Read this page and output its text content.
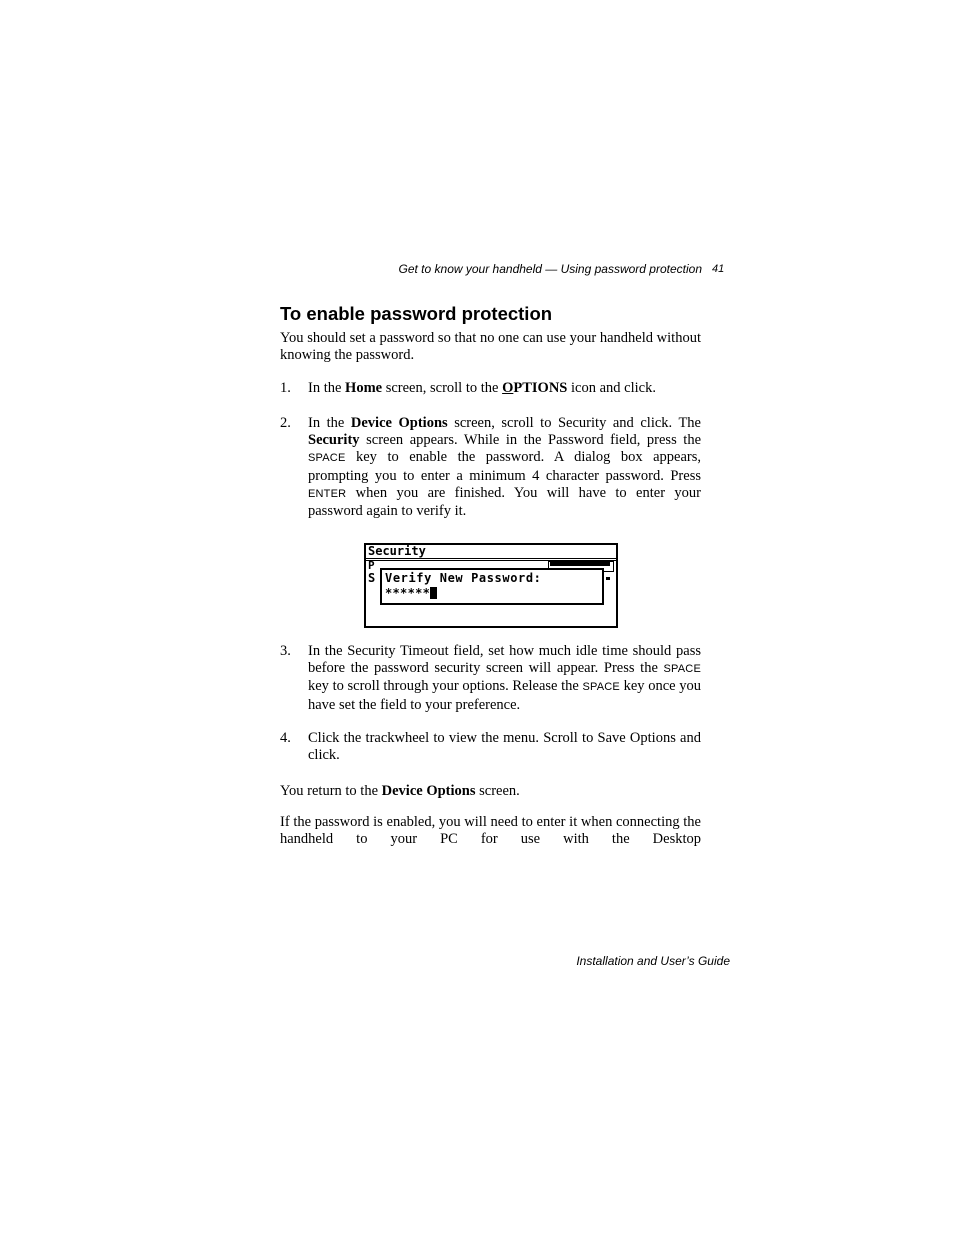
Get to know your handheld — Using password protection 41
To enable password protection
You should set a password so that no one can use your handheld without knowing the password.
1. In the Home screen, scroll to the OPTIONS icon and click.
2. In the Device Options screen, scroll to Security and click. The Security screen appears. While in the Password field, press the SPACE key to enable the password. A dialog box appears, prompting you to enter a minimum 4 character password. Press ENTER when you are finished. You will have to enter your password again to verify it.
Security
P
S Verify New Password:
******
3. In the Security Timeout field, set how much idle time should pass before the password security screen will appear. Press the SPACE key to scroll through your options. Release the SPACE key once you have set the field to your preference.
4. Click the trackwheel to view the menu. Scroll to Save Options and click.
You return to the Device Options screen.
If the password is enabled, you will need to enter it when connecting the handheld to your PC for use with the Desktop
Installation and User’s Guide
